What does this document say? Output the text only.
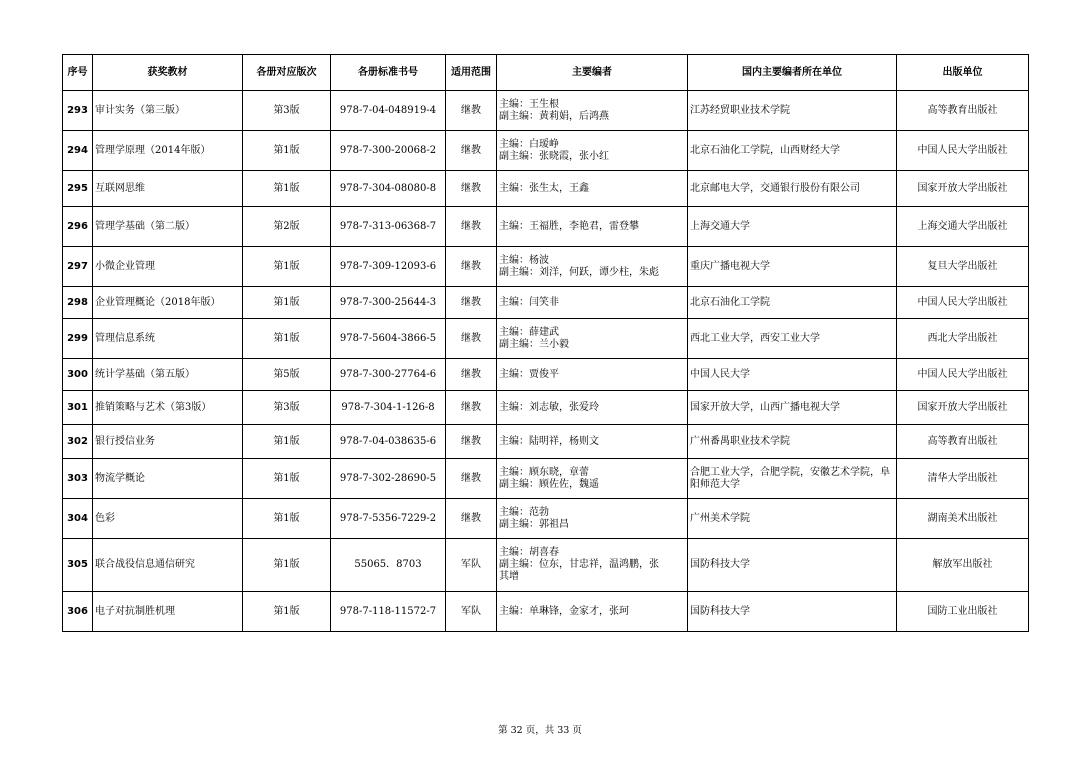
序号	获奖教材	各册对应版次	各册标准书号	适用范围	主要编者	国内主要编者所在单位	出版单位
293	审计实务（第三版）	第3版	978-7-04-048919-4	继教	主编：王生根
副主编：黄莉娟，后鸿燕	江苏经贸职业技术学院	高等教育出版社
294	管理学原理（2014年版）	第1版	978-7-300-20068-2	继教	主编：白瑷峥
副主编：张晓霞，张小红	北京石油化工学院，山西财经大学	中国人民大学出版社
295	互联网思维	第1版	978-7-304-08080-8	继教	主编：张生太，王鑫	北京邮电大学，交通银行股份有限公司	国家开放大学出版社
296	管理学基础（第二版）	第2版	978-7-313-06368-7	继教	主编：王福胜，李艳君，雷登攀	上海交通大学	上海交通大学出版社
297	小微企业管理	第1版	978-7-309-12093-6	继教	主编：杨波
副主编：刘洋，何跃，谭少柱，朱彪	重庆广播电视大学	复旦大学出版社
298	企业管理概论（2018年版）	第1版	978-7-300-25644-3	继教	主编：闫笑非	北京石油化工学院	中国人民大学出版社
299	管理信息系统	第1版	978-7-5604-3866-5	继教	主编：薛建武
副主编：兰小毅	西北工业大学，西安工业大学	西北大学出版社
300	统计学基础（第五版）	第5版	978-7-300-27764-6	继教	主编：贾俊平	中国人民大学	中国人民大学出版社
301	推销策略与艺术（第3版）	第3版	978-7-304-1-126-8	继教	主编：刘志敏，张爱玲	国家开放大学，山西广播电视大学	国家开放大学出版社
302	银行授信业务	第1版	978-7-04-038635-6	继教	主编：陆明祥，杨则文	广州番禺职业技术学院	高等教育出版社
303	物流学概论	第1版	978-7-302-28690-5	继教	主编：顾东晓，章蕾
副主编：顾佐佐，魏遥	合肥工业大学，合肥学院，安徽艺术学院，阜阳师范大学	清华大学出版社
304	色彩	第1版	978-7-5356-7229-2	继教	主编：范勃
副主编：郭祖昌	广州美术学院	湖南美术出版社
305	联合战役信息通信研究	第1版	55065．8703	军队	主编：胡喜春
副主编：位东，甘忠祥，温鸿鹏，张
其增	国防科技大学	解放军出版社
306	电子对抗制胜机理	第1版	978-7-118-11572-7	军队	主编：单琳锋，金家才，张珂	国防科技大学	国防工业出版社
第 32 页，共 33 页
